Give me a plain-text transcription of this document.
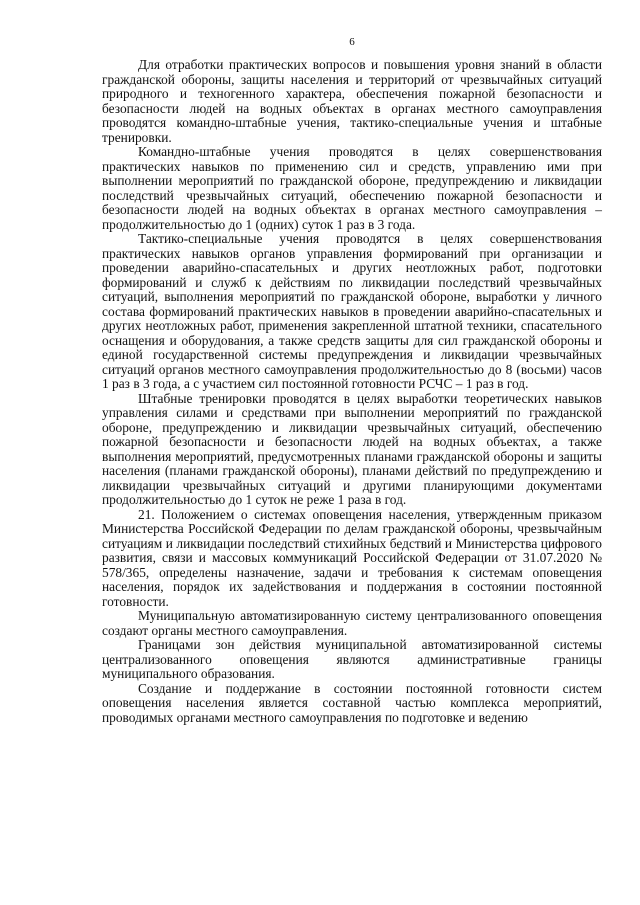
6

Для отработки практических вопросов и повышения уровня знаний в области гражданской обороны, защиты населения и территорий от чрезвычайных ситуаций природного и техногенного характера, обеспечения пожарной безопасности и безопасности людей на водных объектах в органах местного самоуправления проводятся командно-штабные учения, тактико-специальные учения и штабные тренировки.

Командно-штабные учения проводятся в целях совершенствования практических навыков по применению сил и средств, управлению ими при выполнении мероприятий по гражданской обороне, предупреждению и ликвидации последствий чрезвычайных ситуаций, обеспечению пожарной безопасности и безопасности людей на водных объектах в органах местного самоуправления – продолжительностью до 1 (одних) суток 1 раз в 3 года.

Тактико-специальные учения проводятся в целях совершенствования практических навыков органов управления формирований при организации и проведении аварийно-спасательных и других неотложных работ, подготовки формирований и служб к действиям по ликвидации последствий чрезвычайных ситуаций, выполнения мероприятий по гражданской обороне, выработки у личного состава формирований практических навыков в проведении аварийно-спасательных и других неотложных работ, применения закрепленной штатной техники, спасательного оснащения и оборудования, а также средств защиты для сил гражданской обороны и единой государственной системы предупреждения и ликвидации чрезвычайных ситуаций органов местного самоуправления продолжительностью до 8 (восьми) часов 1 раз в 3 года, а с участием сил постоянной готовности РСЧС – 1 раз в год.

Штабные тренировки проводятся в целях выработки теоретических навыков управления силами и средствами при выполнении мероприятий по гражданской обороне, предупреждению и ликвидации чрезвычайных ситуаций, обеспечению пожарной безопасности и безопасности людей на водных объектах, а также выполнения мероприятий, предусмотренных планами гражданской обороны и защиты населения (планами гражданской обороны), планами действий по предупреждению и ликвидации чрезвычайных ситуаций и другими планирующими документами продолжительностью до 1 суток не реже 1 раза в год.

21. Положением о системах оповещения населения, утвержденным приказом Министерства Российской Федерации по делам гражданской обороны, чрезвычайным ситуациям и ликвидации последствий стихийных бедствий и Министерства цифрового развития, связи и массовых коммуникаций Российской Федерации от 31.07.2020 № 578/365, определены назначение, задачи и требования к системам оповещения населения, порядок их задействования и поддержания в состоянии постоянной готовности.

Муниципальную автоматизированную систему централизованного оповещения создают органы местного самоуправления.

Границами зон действия муниципальной автоматизированной системы централизованного оповещения являются административные границы муниципального образования.

Создание и поддержание в состоянии постоянной готовности систем оповещения населения является составной частью комплекса мероприятий, проводимых органами местного самоуправления по подготовке и ведению
